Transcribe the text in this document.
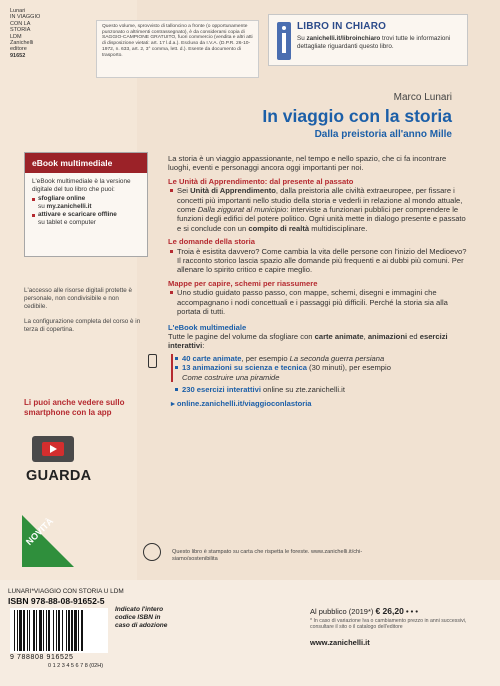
Lunari
IN VIAGGIO
CON LA STORIA
LDM
Zanichelli editore
91652
Questo volume, sprovvisto di talloncino a fronte (o opportunamente punzonato o altrimenti contrassegnato), è da considerarsi copia di SAGGIO-CAMPIONE GRATUITO, fuori commercio (vendita e altri atti di disposizione vietati: art. 17 l.d.a.). Escluso da I.V.A. (D.P.R. 26-10-1972, n. 633, art. 2, 3° comma, lett. d.). Esente da documento di trasporto.
LIBRO IN CHIARO
Su zanichelli.it/libroinchiaro trovi tutte le informazioni dettagliate riguardanti questo libro.
Marco Lunari
In viaggio con la storia
Dalla preistoria all'anno Mille
eBook multimediale
L'eBook multimediale è la versione digitale del tuo libro che puoi:
sfogliare online
su my.zanichelli.it
attivare e scaricare offline
su tablet e computer
L'accesso alle risorse digitali protette è personale, non condivisibile e non cedibile.
La configurazione completa del corso è in terza di copertina.
Li puoi anche vedere sullo smartphone con la app
GUARDA
NOVITÀ
La storia è un viaggio appassionante, nel tempo e nello spazio, che ci fa incontrare luoghi, eventi e personaggi ancora oggi importanti per noi.
Le Unità di Apprendimento: dal presente al passato
Sei Unità di Apprendimento, dalla preistoria alle civiltà extraeuropee, per fissare i concetti più importanti nello studio della storia e vederli in relazione al mondo attuale, come Dalla ziggurat al municipio: interviste a funzionari pubblici per comprendere le funzioni degli edifici del potere politico. Ogni unità mette in dialogo presente e passato e si conclude con un compito di realtà multidisciplinare.
Le domande della storia
Troia è esistita davvero? Come cambia la vita delle persone con l'inizio del Medioevo? Il racconto storico lascia spazio alle domande più frequenti e ai dubbi più comuni. Per allenare lo spirito critico e capire meglio.
Mappe per capire, schemi per riassumere
Uno studio guidato passo passo, con mappe, schemi, disegni e immagini che accompagnano i nodi concettuali e i passaggi più difficili. Perché la storia sia alla portata di tutti.
L'eBook multimediale
Tutte le pagine del volume da sfogliare con carte animate, animazioni ed esercizi interattivi:
40 carte animate, per esempio La seconda guerra persiana
13 animazioni su scienza e tecnica (30 minuti), per esempio
Come costruire una piramide
230 esercizi interattivi online su zte.zanichelli.it
▸ online.zanichelli.it/viaggioconlastoria
Questo libro è stampato su carta che rispetta le foreste. www.zanichelli.it/chi-siamo/sostenibilita
LUNARI*VIAGGIO CON STORIA U LDM
ISBN 978-88-08-91652-5
Indicato l'intero codice ISBN in caso di adozione
9 788808 916525
0 1 2 3 4 5 6 7 8 (02H)
Al pubblico (2019*) € 26,20 • • •
* In caso di variazione Iva o cambiamento prezzo in anni successivi, consultare il sito o il catalogo dell'editore
www.zanichelli.it
